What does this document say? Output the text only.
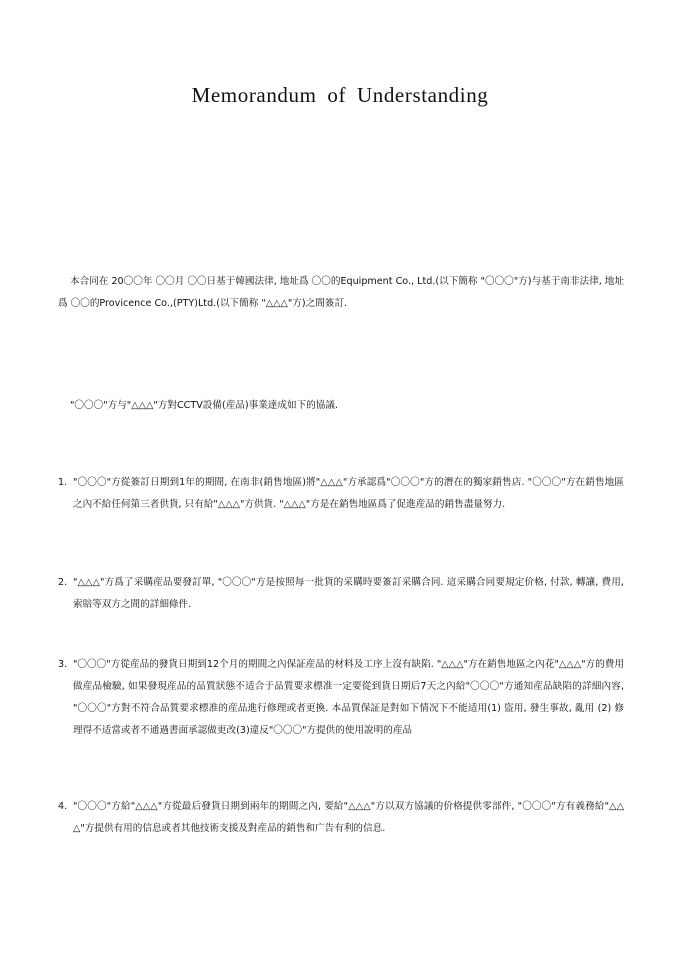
Memorandum of Understanding
本合同在 20〇〇年 〇〇月 〇〇日基于韓國法律, 地址爲 〇〇的Equipment Co., Ltd.(以下簡称 "〇〇〇"方)与基于南非法律, 地址爲 〇〇的Provicence Co.,(PTY)Ltd.(以下簡称 "△△△"方)之間簽訂.
"〇〇〇"方与"△△△"方對CCTV設備(産品)事業達成如下的協議.
1. "〇〇〇"方從簽訂日期到1年的期間, 在南非(銷售地區)將"△△△"方承認爲"〇〇〇"方的潛在的獨家銷售店. "〇〇〇"方在銷售地區之內不給任何第三者供貨, 只有給"△△△"方供貨. "△△△"方是在銷售地區爲了促進産品的銷售盡量努力.
2. "△△△"方爲了采購産品要發訂單, "〇〇〇"方是按照每一批貨的采購時要簽訂采購合同. 這采購合同要規定价格, 付款, 轉讓, 費用, 索賠等双方之間的詳細條件.
3. "〇〇〇"方從産品的發貨日期到12个月的期間之內保証産品的材料及工序上沒有缺陷. "△△△"方在銷售地區之內花"△△△"方的費用做産品檢驗, 如果發現産品的品質狀態不适合于品質要求標准一定要從到貨日期后7天之內給"〇〇〇"方通知産品缺陷的詳細內容, "〇〇〇"方對不符合品質要求標准的産品進行修理或者更換. 本品質保証是對如下情况下不能适用(1) 盜用, 發生事故, 亂用 (2) 修理得不适當或者不通過書面承認做更改(3)違反"〇〇〇"方提供的使用說明的産品
4. "〇〇〇"方給"△△△"方從最后發貨日期到兩年的期間之內, 要給"△△△"方以双方協議的价格提供零部件, "〇〇〇"方有義務給"△△△"方提供有用的信息或者其他技術支援及對産品的銷售和广告有利的信息.
